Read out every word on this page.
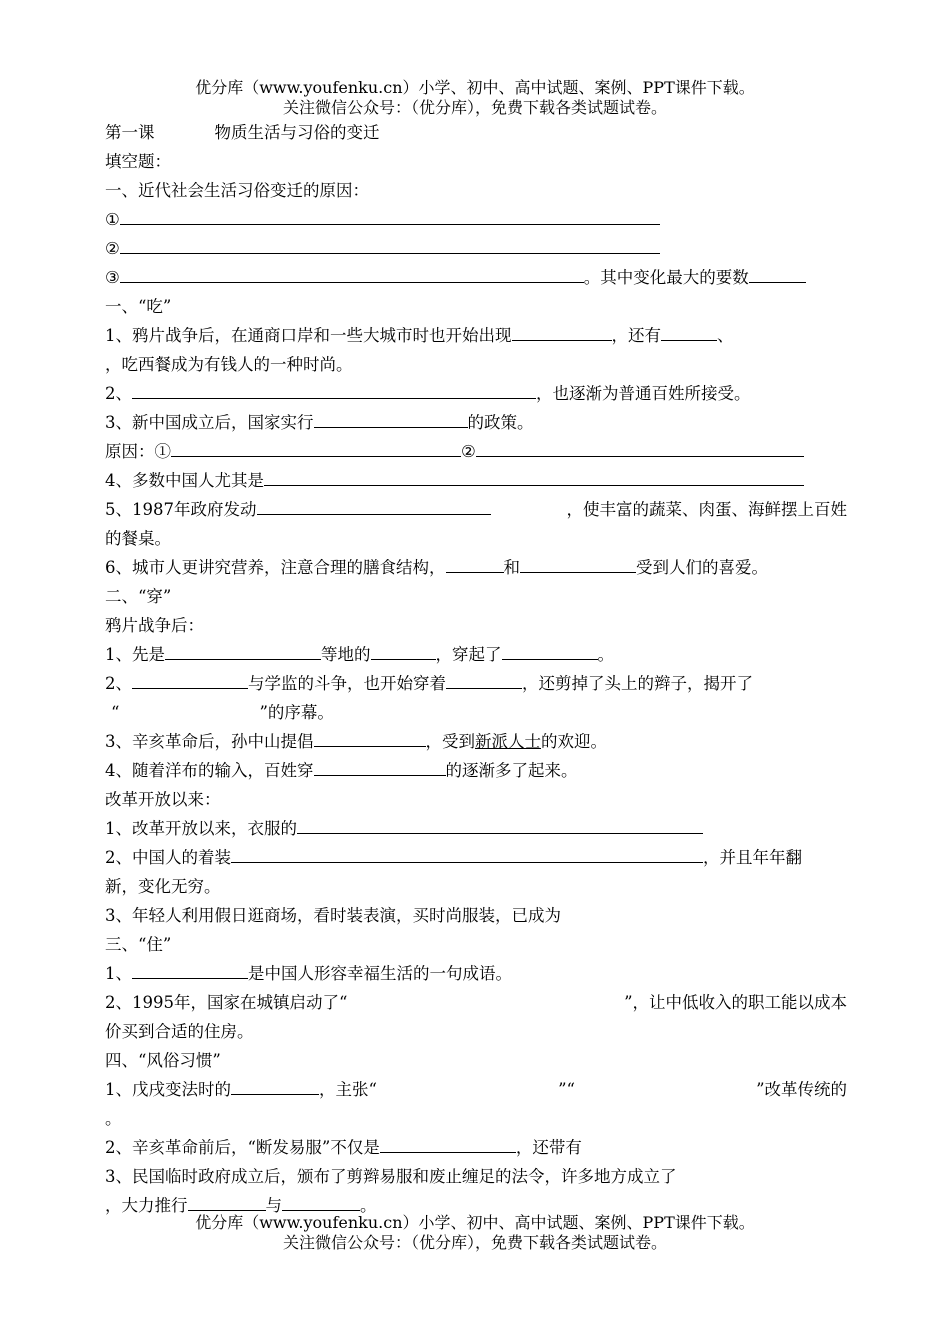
优分库（www.youfenku.cn）小学、初中、高中试题、案例、PPT课件下载。
关注微信公众号：（优分库），免费下载各类试题试卷。
第一课	物质生活与习俗的变迁
填空题：
一、近代社会生活习俗变迁的原因：
①
②
③	。其中变化最大的要数
一、“吃”
1、鸦片战争后，在通商口岸和一些大城市时也开始出现	，还有	、
，吃西餐成为有钱人的一种时尚。
2、	，也逐渐为普通百姓所接受。
3、新中国成立后，国家实行	的政策。
原因：①	②
4、多数中国人尤其是
5、1987年政府发动	，使丰富的蔬菜、肉蛋、海鲜摆上百姓
的餐桌。
6、城市人更讲究营养，注意合理的膳食结构，	和	受到人们的喜爱。
二、“穿”
鸦片战争后：
1、先是	等地的	，穿起了	。
2、	与学监的斗争，也开始穿着	，还剪掉了头上的辫子，揭开了
“	”的序幕。
3、辛亥革命后，孙中山提倡	，受到新派人士的欢迎。
4、随着洋布的输入，百姓穿	的逐渐多了起来。
改革开放以来：
1、改革开放以来，衣服的
2、中国人的着装	，并且年年翻
新，变化无穷。
3、年轻人利用假日逛商场，看时装表演，买时尚服装，已成为
三、“住”
1、	是中国人形容幸福生活的一句成语。
2、1995年，国家在城镇启动了“	”，让中低收入的职工能以成本
价买到合适的住房。
四、“风俗习惯”
1、戊戌变法时的	，主张“	”“	”改革传统的
。
2、辛亥革命前后，“断发易服”不仅是	，还带有
3、民国临时政府成立后，颁布了剪辫易服和废止缠足的法令，许多地方成立了
，大力推行	与	。
优分库（www.youfenku.cn）小学、初中、高中试题、案例、PPT课件下载。
关注微信公众号：（优分库），免费下载各类试题试卷。
